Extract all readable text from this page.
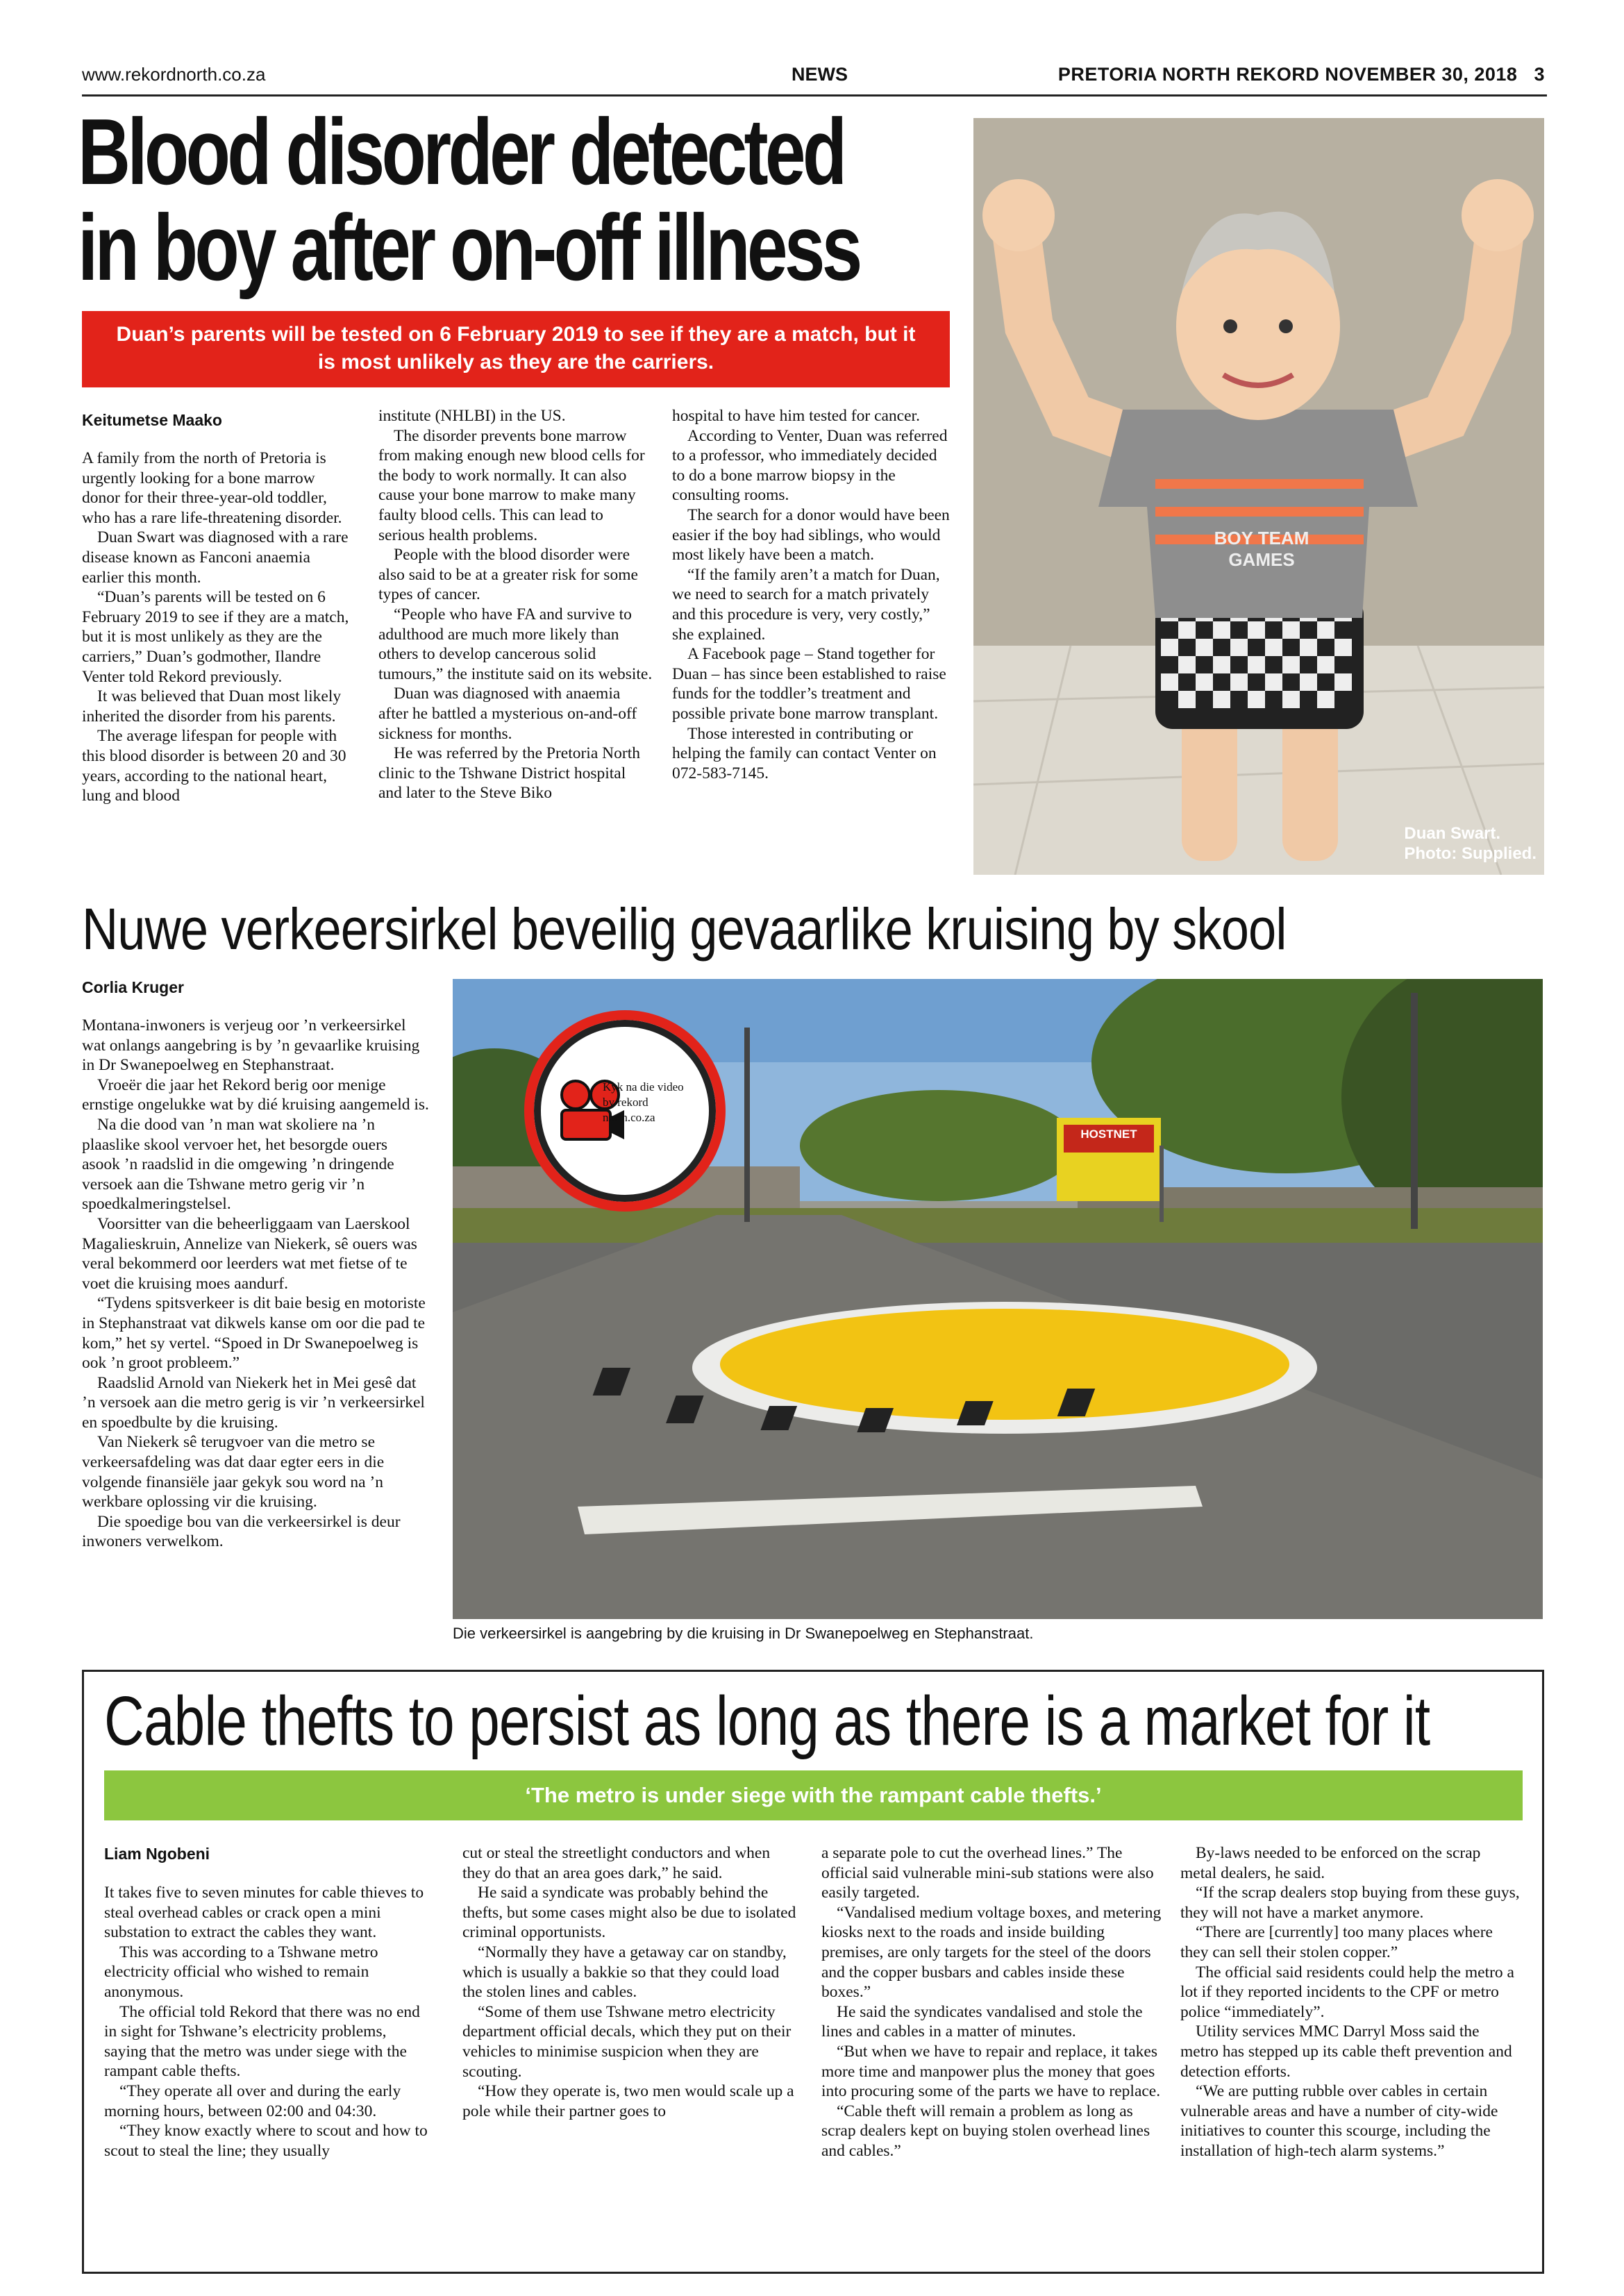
www.rekordnorth.co.za	NEWS	PRETORIA NORTH REKORD NOVEMBER 30, 2018 3
Blood disorder detected
in boy after on-off illness
Duan’s parents will be tested on 6 February 2019 to see if they are a match, but it is most unlikely as they are the carriers.
Keitumetse Maako

A family from the north of Pretoria is urgently looking for a bone marrow donor for their three-year-old toddler, who has a rare life-threatening disorder.

Duan Swart was diagnosed with a rare disease known as Fanconi anaemia earlier this month.

“Duan’s parents will be tested on 6 February 2019 to see if they are a match, but it is most unlikely as they are the carriers,” Duan’s godmother, Ilandre Venter told Rekord previously.

It was believed that Duan most likely inherited the disorder from his parents.

The average lifespan for people with this blood disorder is between 20 and 30 years, according to the national heart, lung and blood

institute (NHLBI) in the US.

The disorder prevents bone marrow from making enough new blood cells for the body to work normally. It can also cause your bone marrow to make many faulty blood cells. This can lead to serious health problems.

People with the blood disorder were also said to be at a greater risk for some types of cancer.

“People who have FA and survive to adulthood are much more likely than others to develop cancerous solid tumours,” the institute said on its website.

Duan was diagnosed with anaemia after he battled a mysterious on-and-off sickness for months.

He was referred by the Pretoria North clinic to the Tshwane District hospital and later to the Steve Biko

hospital to have him tested for cancer.

According to Venter, Duan was referred to a professor, who immediately decided to do a bone marrow biopsy in the consulting rooms.

The search for a donor would have been easier if the boy had siblings, who would most likely have been a match.

“If the family aren’t a match for Duan, we need to search for a match privately and this procedure is very, very costly,” she explained.

A Facebook page – Stand together for Duan – has since been established to raise funds for the toddler’s treatment and possible private bone marrow transplant.

Those interested in contributing or helping the family can contact Venter on 072-583-7145.

BOY TEAM GAMES
Duan Swart.
Photo: Supplied.
Nuwe verkeersirkel beveilig gevaarlike kruising by skool
Corlia Kruger

Montana-inwoners is verjeug oor ’n verkeersirkel wat onlangs aangebring is by ’n gevaarlike kruising in Dr Swanepoelweg en Stephanstraat.

Vroeër die jaar het Rekord berig oor menige ernstige ongelukke wat by dié kruising aangemeld is.

Na die dood van ’n man wat skoliere na ’n plaaslike skool vervoer het, het besorgde ouers asook ’n raadslid in die omgewing ’n dringende versoek aan die Tshwane metro gerig vir ’n spoedkalmeringstelsel.

Voorsitter van die beheerliggaam van Laerskool Magalieskruin, Annelize van Niekerk, sê ouers was veral bekommerd oor leerders wat met fietse of te voet die kruising moes aandurf.

“Tydens spitsverkeer is dit baie besig en motoriste in Stephanstraat vat dikwels kanse om oor die pad te kom,” het sy vertel. “Spoed in Dr Swanepoelweg is ook ’n groot probleem.”

Raadslid Arnold van Niekerk het in Mei gesê dat ’n versoek aan die metro gerig is vir ’n verkeersirkel en spoedbulte by die kruising.

Van Niekerk sê terugvoer van die metro se verkeersafdeling was dat daar egter eers in die volgende finansiële jaar gekyk sou word na ’n werkbare oplossing vir die kruising.

Die spoedige bou van die verkeersirkel is deur inwoners verwelkom.

HOSTNET
Die verkeersirkel is aangebring by die kruising in Dr Swanepoelweg en Stephanstraat.
Kyk na die video by rekord north.co.za
Cable thefts to persist as long as there is a market for it
‘The metro is under siege with the rampant cable thefts.’
Liam Ngobeni

It takes five to seven minutes for cable thieves to steal overhead cables or crack open a mini substation to extract the cables they want.

This was according to a Tshwane metro electricity official who wished to remain anonymous.

The official told Rekord that there was no end in sight for Tshwane’s electricity problems, saying that the metro was under siege with the rampant cable thefts.

“They operate all over and during the early morning hours, between 02:00 and 04:30.

“They know exactly where to scout and how to scout to steal the line; they usually

cut or steal the streetlight conductors and when they do that an area goes dark,” he said.

He said a syndicate was probably behind the thefts, but some cases might also be due to isolated criminal opportunists.

“Normally they have a getaway car on standby, which is usually a bakkie so that they could load the stolen lines and cables.

“Some of them use Tshwane metro electricity department official decals, which they put on their vehicles to minimise suspicion when they are scouting.

“How they operate is, two men would scale up a pole while their partner goes to

a separate pole to cut the overhead lines.” The official said vulnerable mini-sub stations were also easily targeted.

“Vandalised medium voltage boxes, and metering kiosks next to the roads and inside building premises, are only targets for the steel of the doors and the copper busbars and cables inside these boxes.”

He said the syndicates vandalised and stole the lines and cables in a matter of minutes.

“But when we have to repair and replace, it takes more time and manpower plus the money that goes into procuring some of the parts we have to replace.

“Cable theft will remain a problem as long as scrap dealers kept on buying stolen overhead lines and cables.”

By-laws needed to be enforced on the scrap metal dealers, he said.

“If the scrap dealers stop buying from these guys, they will not have a market anymore.

“There are [currently] too many places where they can sell their stolen copper.”

The official said residents could help the metro a lot if they reported incidents to the CPF or metro police “immediately”.

Utility services MMC Darryl Moss said the metro has stepped up its cable theft prevention and detection efforts.

“We are putting rubble over cables in certain vulnerable areas and have a number of city-wide initiatives to counter this scourge, including the installation of high-tech alarm systems.”
